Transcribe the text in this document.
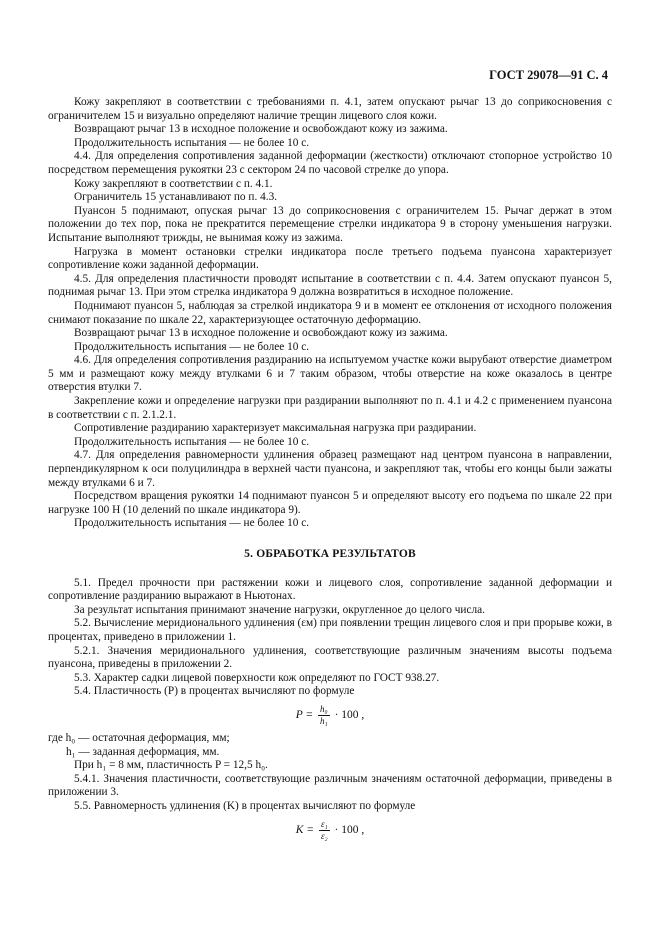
ГОСТ 29078—91 С. 4

Кожу закрепляют в соответствии с требованиями п. 4.1, затем опускают рычаг 13 до соприкосновения с ограничителем 15 и визуально определяют наличие трещин лицевого слоя кожи.

Возвращают рычаг 13 в исходное положение и освобождают кожу из зажима.

Продолжительность испытания — не более 10 с.

4.4. Для определения сопротивления заданной деформации (жесткости) отключают стопорное устройство 10 посредством перемещения рукоятки 23 с сектором 24 по часовой стрелке до упора.

Кожу закрепляют в соответствии с п. 4.1.

Ограничитель 15 устанавливают по п. 4.3.

Пуансон 5 поднимают, опуская рычаг 13 до соприкосновения с ограничителем 15. Рычаг держат в этом положении до тех пор, пока не прекратится перемещение стрелки индикатора 9 в сторону уменьшения нагрузки. Испытание выполняют трижды, не вынимая кожу из зажима.

Нагрузка в момент остановки стрелки индикатора после третьего подъема пуансона характеризует сопротивление кожи заданной деформации.

4.5. Для определения пластичности проводят испытание в соответствии с п. 4.4. Затем опускают пуансон 5, поднимая рычаг 13. При этом стрелка индикатора 9 должна возвратиться в исходное положение.

Поднимают пуансон 5, наблюдая за стрелкой индикатора 9 и в момент ее отклонения от исходного положения снимают показание по шкале 22, характеризующее остаточную деформацию.

Возвращают рычаг 13 в исходное положение и освобождают кожу из зажима.

Продолжительность испытания — не более 10 с.

4.6. Для определения сопротивления раздиранию на испытуемом участке кожи вырубают отверстие диаметром 5 мм и размещают кожу между втулками 6 и 7 таким образом, чтобы отверстие на коже оказалось в центре отверстия втулки 7.

Закрепление кожи и определение нагрузки при раздирании выполняют по п. 4.1 и 4.2 с применением пуансона в соответствии с п. 2.1.2.1.

Сопротивление раздиранию характеризует максимальная нагрузка при раздирании.

Продолжительность испытания — не более 10 с.

4.7. Для определения равномерности удлинения образец размещают над центром пуансона в направлении, перпендикулярном к оси полуцилиндра в верхней части пуансона, и закрепляют так, чтобы его концы были зажаты между втулками 6 и 7.

Посредством вращения рукоятки 14 поднимают пуансон 5 и определяют высоту его подъема по шкале 22 при нагрузке 100 Н (10 делений по шкале индикатора 9).

Продолжительность испытания — не более 10 с.

5. ОБРАБОТКА РЕЗУЛЬТАТОВ

5.1. Предел прочности при растяжении кожи и лицевого слоя, сопротивление заданной деформации и сопротивление раздиранию выражают в Ньютонах.

За результат испытания принимают значение нагрузки, округленное до целого числа.

5.2. Вычисление меридионального удлинения (εм) при появлении трещин лицевого слоя и при прорыве кожи, в процентах, приведено в приложении 1.

5.2.1. Значения меридионального удлинения, соответствующие различным значениям высоты подъема пуансона, приведены в приложении 2.

5.3. Характер садки лицевой поверхности кож определяют по ГОСТ 938.27.

5.4. Пластичность (P) в процентах вычисляют по формуле

$P = \frac{\text{h₀}}{\text{h₁}} \cdot 100$ ,

где h₀ — остаточная деформация, мм;

h₁ — заданная деформация, мм.

При h₁ = 8 мм, пластичность P = 12,5 h₀.

5.4.1. Значения пластичности, соответствующие различным значениям остаточной деформации, приведены в приложении 3.

5.5. Равномерность удлинения (K) в процентах вычисляют по формуле

$K = \frac{\text{ε₁}}{\text{ε₂}} \cdot 100$ ,
